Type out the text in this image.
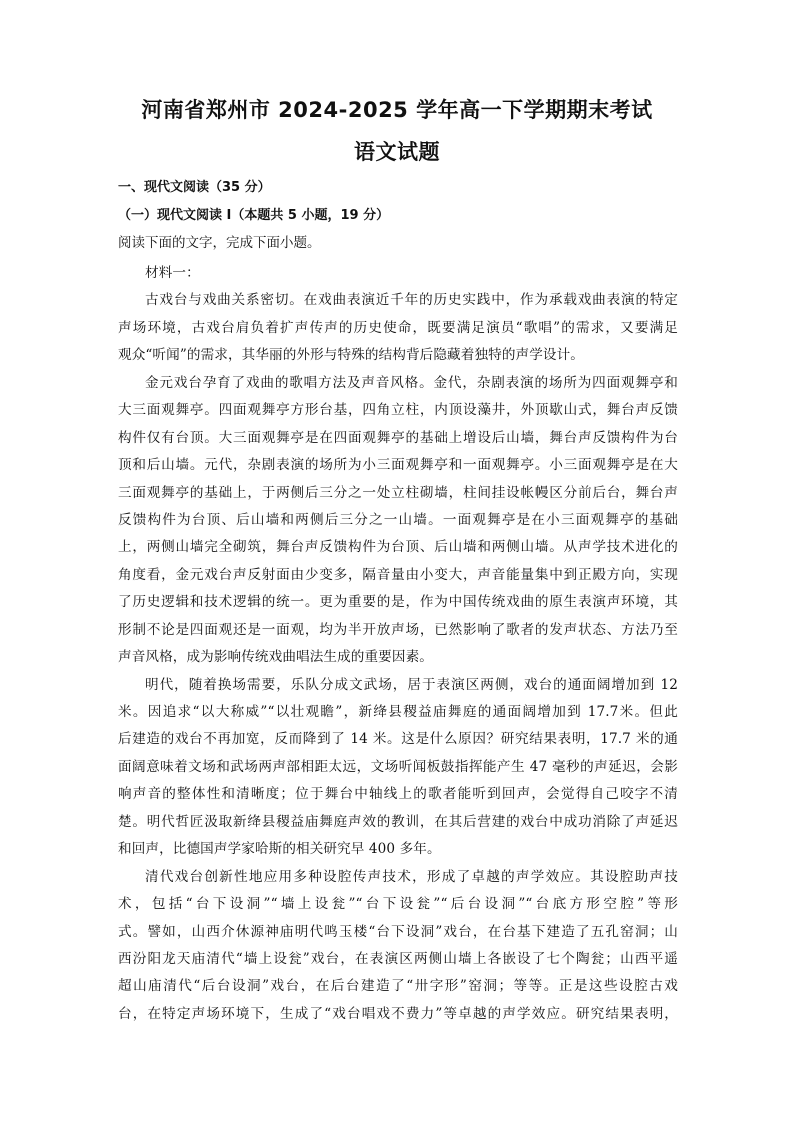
河南省郑州市 2024-2025 学年高一下学期期末考试
语文试题
一、现代文阅读（35 分）
（一）现代文阅读 I（本题共 5 小题，19 分）
阅读下面的文字，完成下面小题。
材料一：
古戏台与戏曲关系密切。在戏曲表演近千年的历史实践中，作为承载戏曲表演的特定
声场环境，古戏台肩负着扩声传声的历史使命，既要满足演员“歌唱”的需求，又要满足
观众“听闻”的需求，其华丽的外形与特殊的结构背后隐藏着独特的声学设计。
金元戏台孕育了戏曲的歌唱方法及声音风格。金代，杂剧表演的场所为四面观舞亭和
大三面观舞亭。四面观舞亭方形台基，四角立柱，内顶设藻井，外顶歇山式，舞台声反馈
构件仅有台顶。大三面观舞亭是在四面观舞亭的基础上增设后山墙，舞台声反馈构件为台
顶和后山墙。元代，杂剧表演的场所为小三面观舞亭和一面观舞亭。小三面观舞亭是在大
三面观舞亭的基础上，于两侧后三分之一处立柱砌墙，柱间挂设帐幔区分前后台，舞台声
反馈构件为台顶、后山墙和两侧后三分之一山墙。一面观舞亭是在小三面观舞亭的基础
上，两侧山墙完全砌筑，舞台声反馈构件为台顶、后山墙和两侧山墙。从声学技术进化的
角度看，金元戏台声反射面由少变多，隔音量由小变大，声音能量集中到正殿方向，实现
了历史逻辑和技术逻辑的统一。更为重要的是，作为中国传统戏曲的原生表演声环境，其
形制不论是四面观还是一面观，均为半开放声场，已然影响了歌者的发声状态、方法乃至
声音风格，成为影响传统戏曲唱法生成的重要因素。
明代，随着换场需要，乐队分成文武场，居于表演区两侧，戏台的通面阔增加到 12
米。因追求“以大称威”“以壮观瞻”，新绛县稷益庙舞庭的通面阔增加到 17.7米。但此
后建造的戏台不再加宽，反而降到了 14 米。这是什么原因？研究结果表明，17.7 米的通
面阔意味着文场和武场两声部相距太远，文场听闻板鼓指挥能产生 47 毫秒的声延迟，会影
响声音的整体性和清晰度；位于舞台中轴线上的歌者能听到回声，会觉得自己咬字不清
楚。明代哲匠汲取新绛县稷益庙舞庭声效的教训，在其后营建的戏台中成功消除了声延迟
和回声，比德国声学家哈斯的相关研究早 400 多年。
清代戏台创新性地应用多种设腔传声技术，形成了卓越的声学效应。其设腔助声技
术，包括“台下设洞”“墙上设瓮”“台下设瓮”“后台设洞”“台底方形空腔”等形
式。譬如，山西介休源神庙明代鸣玉楼“台下设洞”戏台，在台基下建造了五孔窑洞；山
西汾阳龙天庙清代“墙上设瓮”戏台，在表演区两侧山墙上各嵌设了七个陶瓮；山西平遥
超山庙清代“后台设洞”戏台，在后台建造了“卅字形”窑洞；等等。正是这些设腔古戏
台，在特定声场环境下，生成了“戏台唱戏不费力”等卓越的声学效应。研究结果表明，
